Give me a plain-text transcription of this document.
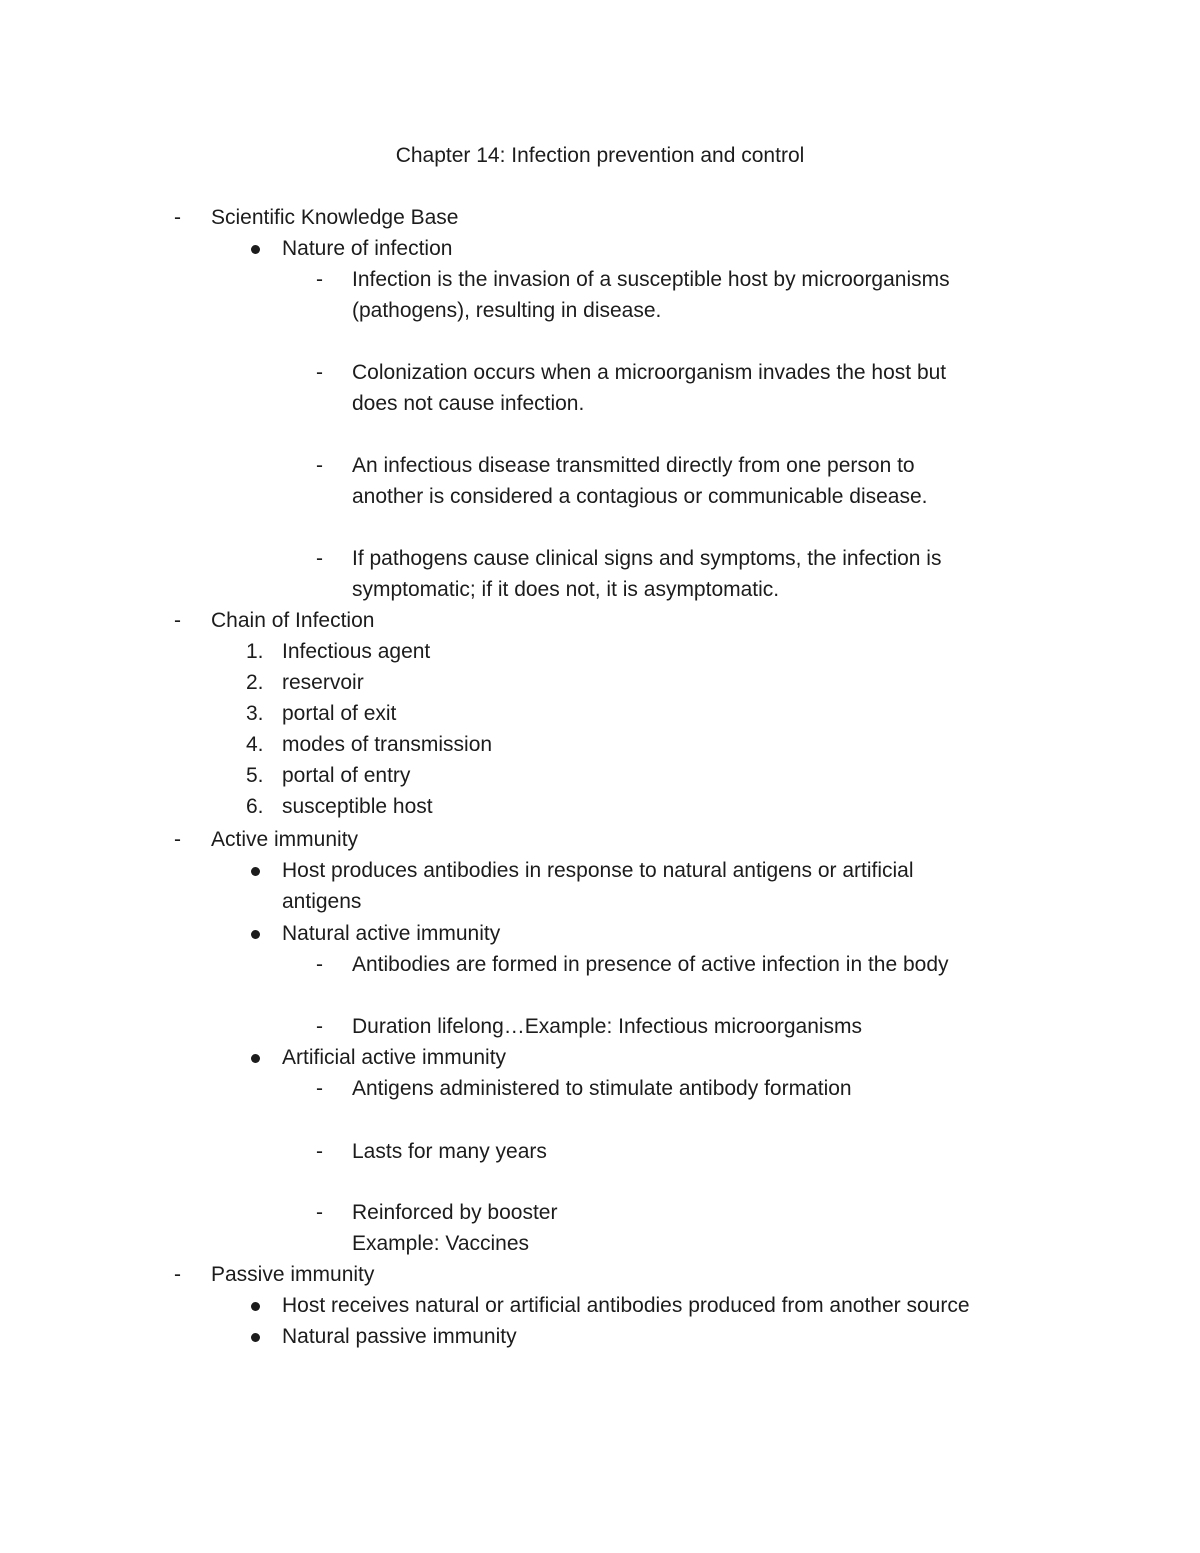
Chapter 14: Infection prevention and control
- Scientific Knowledge Base
Nature of infection
- Infection is the invasion of a susceptible host by microorganisms
(pathogens), resulting in disease.
- Colonization occurs when a microorganism invades the host but
does not cause infection.
- An infectious disease transmitted directly from one person to
another is considered a contagious or communicable disease.
- If pathogens cause clinical signs and symptoms, the infection is
symptomatic; if it does not, it is asymptomatic.
- Chain of Infection
1. Infectious agent
2. reservoir
3. portal of exit
4. modes of transmission
5. portal of entry
6. susceptible host
- Active immunity
Host produces antibodies in response to natural antigens or artificial
antigens
Natural active immunity
- Antibodies are formed in presence of active infection in the body
- Duration lifelong…Example: Infectious microorganisms
Artificial active immunity
- Antigens administered to stimulate antibody formation
- Lasts for many years
- Reinforced by booster
Example: Vaccines
- Passive immunity
Host receives natural or artificial antibodies produced from another source
Natural passive immunity
